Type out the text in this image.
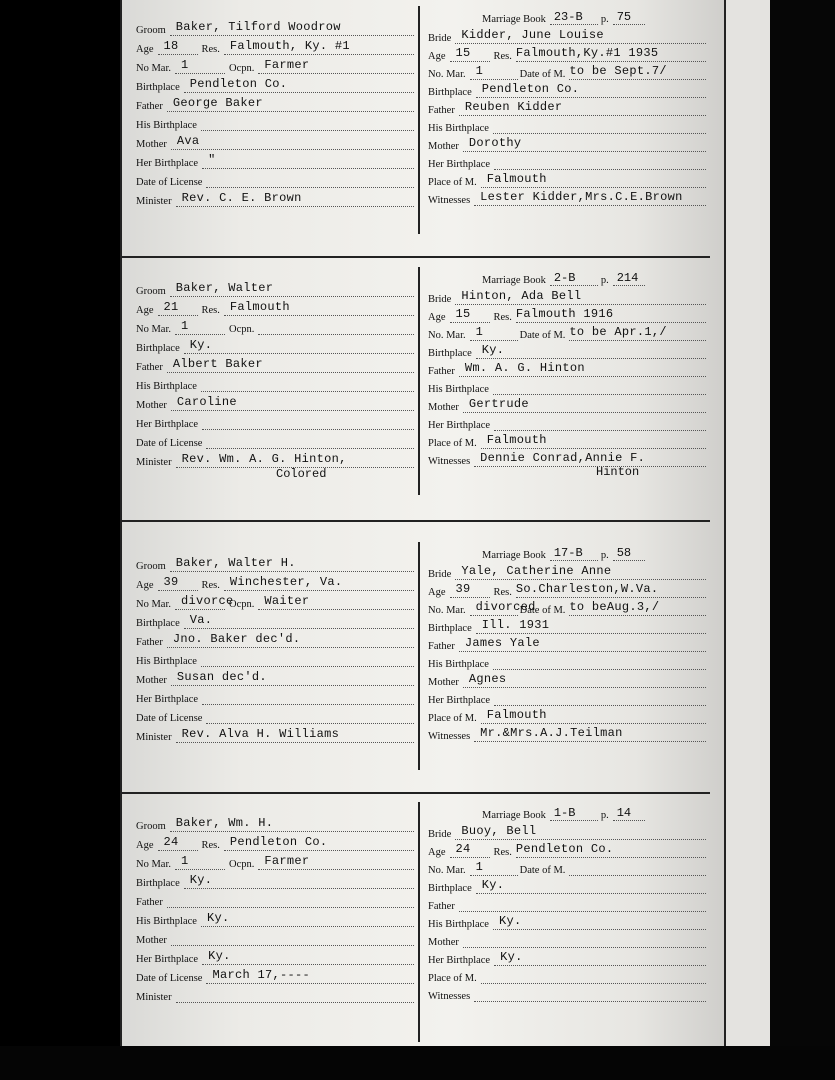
Marriage Book 23-B	p. 75
Groom Baker, Tilford Woodrow
Age 18	Res. Falmouth, Ky. #1
No Mar. 1	Ocpn. Farmer
Birthplace Pendleton Co.
Father George Baker
His Birthplace
Mother Ava
Her Birthplace "
Date of License
Minister Rev. C. E. Brown
Bride Kidder, June Louise
Age 15	Res. Falmouth,Ky.#1 1935
No. Mar. 1	Date of M. to be Sept.7/
Birthplace Pendleton Co.
Father Reuben Kidder
His Birthplace
Mother Dorothy
Her Birthplace
Place of M. Falmouth
Witnesses Lester Kidder,Mrs.C.E.Brown
Marriage Book 2-B	p. 214
Groom Baker, Walter
Age 21	Res. Falmouth
No Mar. 1	Ocpn.
Birthplace Ky.
Father Albert Baker
His Birthplace
Mother Caroline
Her Birthplace
Date of License
Minister Rev. Wm. A. G. Hinton,
Colored
Bride Hinton, Ada Bell
Age 15	Res. Falmouth 1916
No. Mar. 1	Date of M. to be Apr.1,/
Birthplace Ky.
Father Wm. A. G. Hinton
His Birthplace
Mother Gertrude
Her Birthplace
Place of M. Falmouth
Witnesses Dennie Conrad,Annie F.
Hinton
Marriage Book 17-B	p. 58
Groom Baker, Walter H.
Age 39	Res. Winchester, Va.
No Mar. divorce
Ocpn. Waiter
Birthplace Va.
Father Jno. Baker dec'd.
His Birthplace
Mother Susan dec'd.
Her Birthplace
Date of License
Minister Rev. Alva H. Williams
Bride Yale, Catherine Anne
Age 39	Res. So.Charleston,W.Va.
No. Mar. divorced
Date of M. to beAug.3,/
Birthplace Ill. 1931
Father James Yale
His Birthplace
Mother Agnes
Her Birthplace
Place of M. Falmouth
Witnesses Mr.&Mrs.A.J.Teilman
Marriage Book 1-B	p. 14
Groom Baker, Wm. H.
Age 24	Res. Pendleton Co.
No Mar. 1	Ocpn. Farmer
Birthplace Ky.
Father
His Birthplace Ky.
Mother
Her Birthplace Ky.
Date of License March 17,----
Minister
Bride Buoy, Bell
Age 24	Res. Pendleton Co.
No. Mar. 1	Date of M.
Birthplace Ky.
Father
His Birthplace Ky.
Mother
Her Birthplace Ky.
Place of M.
Witnesses
